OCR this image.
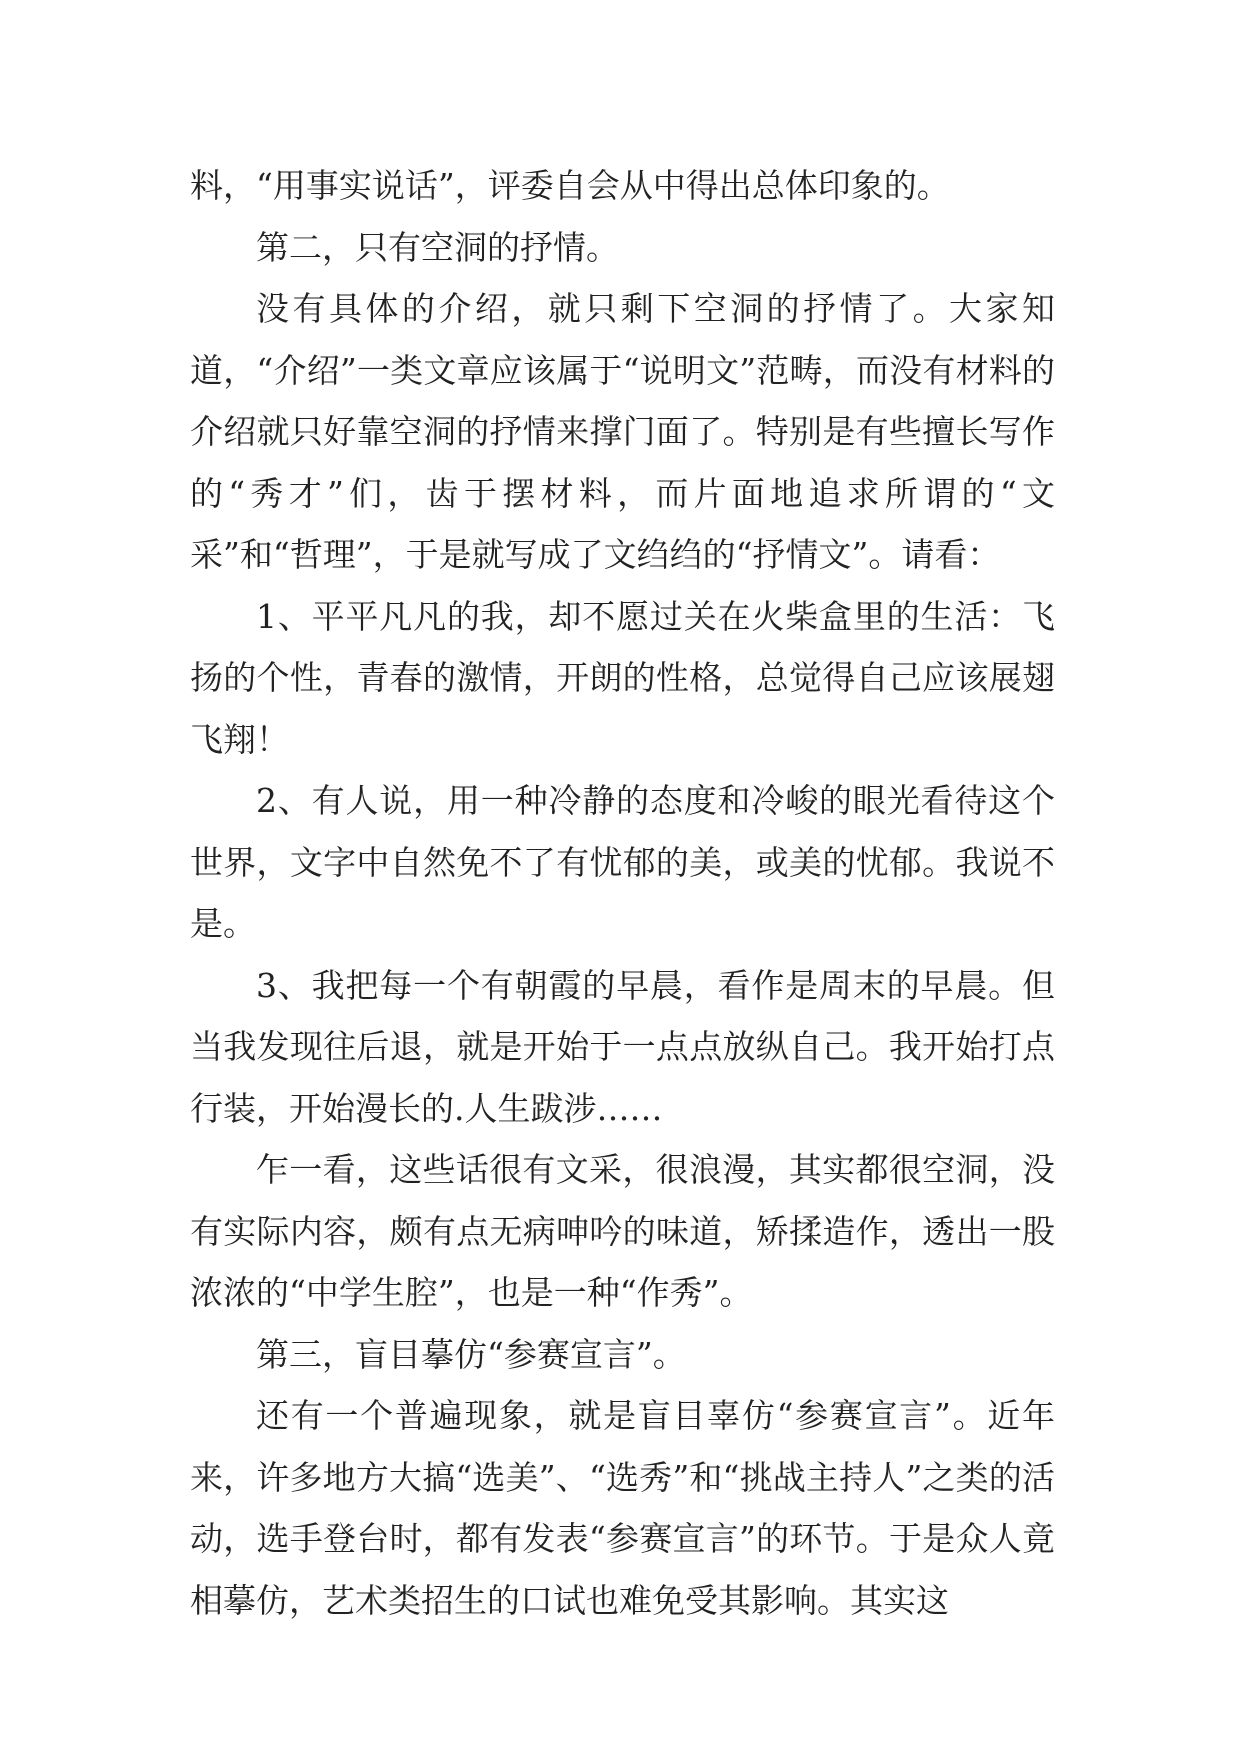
料，“用事实说话”，评委自会从中得出总体印象的。

第二，只有空洞的抒情。

没有具体的介绍，就只剩下空洞的抒情了。大家知道，“介绍”一类文章应该属于“说明文”范畴，而没有材料的介绍就只好靠空洞的抒情来撑门面了。特别是有些擅长写作的“秀才”们，齿于摆材料，而片面地追求所谓的“文采”和“哲理”，于是就写成了文绉绉的“抒情文”。请看：

1、平平凡凡的我，却不愿过关在火柴盒里的生活：飞扬的个性，青春的激情，开朗的性格，总觉得自己应该展翅飞翔！

2、有人说，用一种冷静的态度和冷峻的眼光看待这个世界，文字中自然免不了有忧郁的美，或美的忧郁。我说不是。

3、我把每一个有朝霞的早晨，看作是周末的早晨。但当我发现往后退，就是开始于一点点放纵自己。我开始打点行装，开始漫长的.人生跋涉……

乍一看，这些话很有文采，很浪漫，其实都很空洞，没有实际内容，颇有点无病呻吟的味道，矫揉造作，透出一股浓浓的“中学生腔”，也是一种“作秀”。

第三，盲目摹仿“参赛宣言”。

还有一个普遍现象，就是盲目辜仿“参赛宣言”。近年来，许多地方大搞“选美”、“选秀”和“挑战主持人”之类的活动，选手登台时，都有发表“参赛宣言”的环节。于是众人竟相摹仿，艺术类招生的口试也难免受其影响。其实这
